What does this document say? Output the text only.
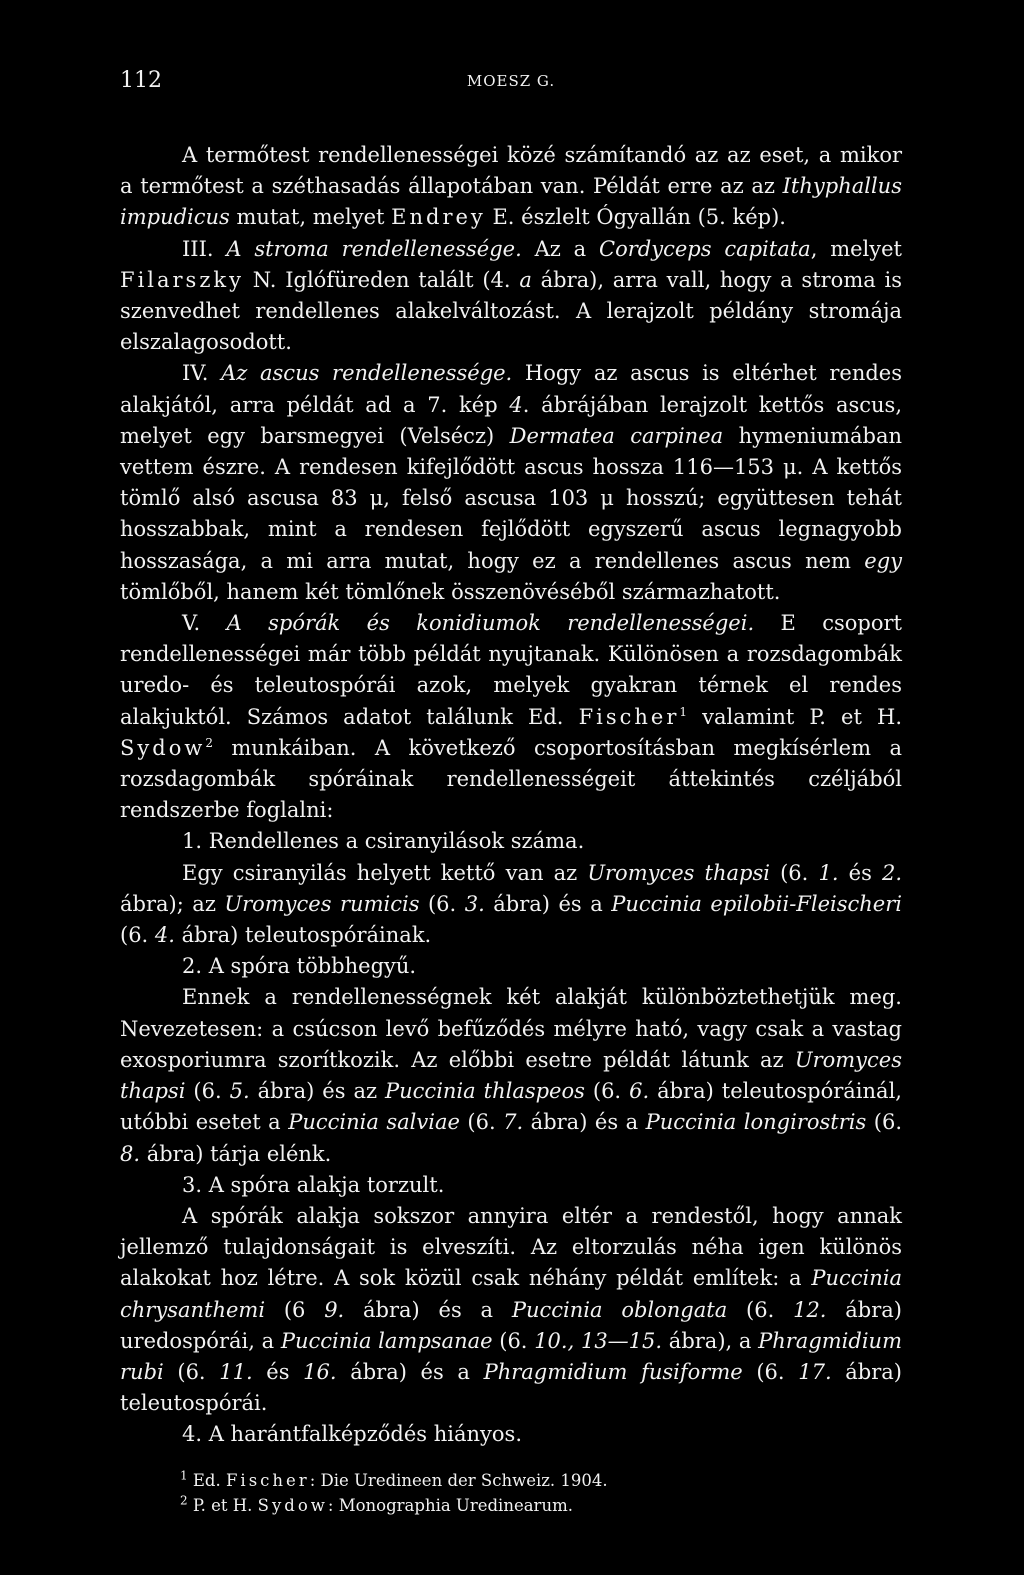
112	MOESZ G.

A termőtest rendellenességei közé számítandó az az eset, a mikor a termőtest a széthasadás állapotában van. Példát erre az az Ithyphallus impudicus mutat, melyet Endrey E. észlelt Ógyallán (5. kép).

III. A stroma rendellenessége. Az a Cordyceps capitata, melyet Filarszky N. Iglófüreden talált (4. a ábra), arra vall, hogy a stroma is szenvedhet rendellenes alakelváltozást. A lerajzolt példány stromája elszalagosodott.

IV. Az ascus rendellenessége. Hogy az ascus is eltérhet rendes alakjától, arra példát ad a 7. kép 4. ábrájában lerajzolt kettős ascus, melyet egy barsmegyei (Velsécz) Dermatea carpinea hymeniumában vettem észre. A rendesen kifejlődött ascus hossza 116—153 μ. A kettős tömlő alsó ascusa 83 μ, felső ascusa 103 μ hosszú; együttesen tehát hosszabbak, mint a rendesen fejlődött egyszerű ascus legnagyobb hosszasága, a mi arra mutat, hogy ez a rendellenes ascus nem egy tömlőből, hanem két tömlőnek összenövéséből származhatott.

V. A spórák és konidiumok rendellenességei. E csoport rendellenességei már több példát nyujtanak. Különösen a rozsdagombák uredo- és teleutospórái azok, melyek gyakran térnek el rendes alakjuktól. Számos adatot találunk Ed. Fischer$^1$ valamint P. et H. Sydow$^2$ munkáiban. A következő csoportosításban megkísérlem a rozsdagombák spóráinak rendellenességeit áttekintés czéljából rendszerbe foglalni:

1. Rendellenes a csiranyilások száma.

Egy csiranyilás helyett kettő van az Uromyces thapsi (6. 1. és 2. ábra); az Uromyces rumicis (6. 3. ábra) és a Puccinia epilobii-Fleischeri (6. 4. ábra) teleutospóráinak.

2. A spóra többhegyű.

Ennek a rendellenességnek két alakját különböztethetjük meg. Nevezetesen: a csúcson levő befűződés mélyre ható, vagy csak a vastag exosporiumra szorítkozik. Az előbbi esetre példát látunk az Uromyces thapsi (6. 5. ábra) és az Puccinia thlaspeos (6. 6. ábra) teleutospóráinál, utóbbi esetet a Puccinia salviae (6. 7. ábra) és a Puccinia longirostris (6. 8. ábra) tárja elénk.

3. A spóra alakja torzult.

A spórák alakja sokszor annyira eltér a rendestől, hogy annak jellemző tulajdonságait is elveszíti. Az eltorzulás néha igen különös alakokat hoz létre. A sok közül csak néhány példát említek: a Puccinia chrysanthemi (6 9. ábra) és a Puccinia oblongata (6. 12. ábra) uredospórái, a Puccinia lampsanae (6. 10., 13—15. ábra), a Phragmidium rubi (6. 11. és 16. ábra) és a Phragmidium fusiforme (6. 17. ábra) teleutospórái.

4. A harántfalképződés hiányos.

$^1$ Ed. Fischer: Die Uredineen der Schweiz. 1904.

$^2$ P. et H. Sydow: Monographia Uredinearum.
